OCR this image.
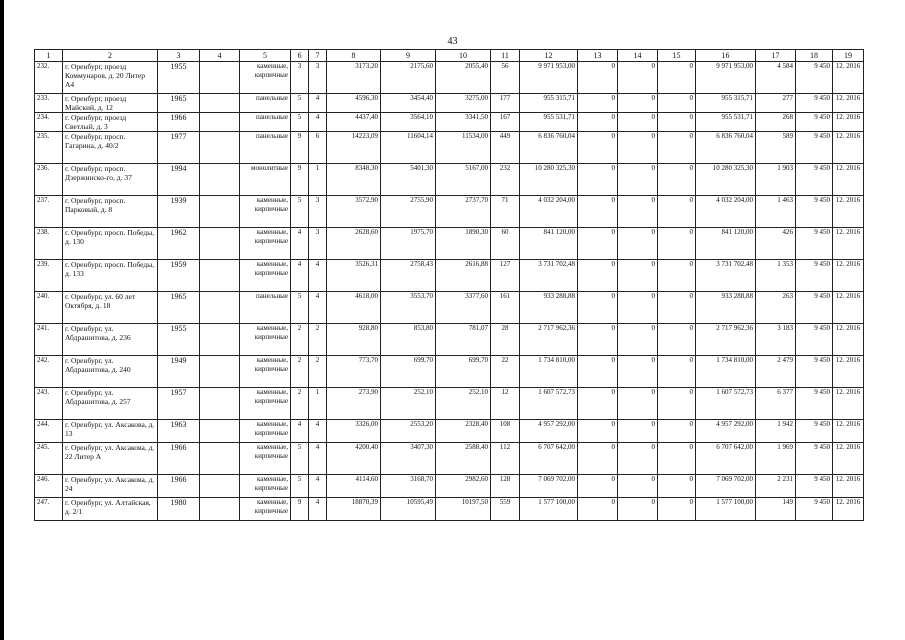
43
1	2	3	4	5	6	7	8	9	10	11	12	13	14	15	16	17	18	19
232.	г. Оренбург, проезд Коммунаров, д. 20 Литер А4	1955		каменные, кирпичные	3	3	3173,20	2175,60	2055,40	56	9 971 953,00	0	0	0	9 971 953,00	4 584	9 450	12. 2016
233.	г. Оренбург, проезд Майский, д. 12	1965		панельные	5	4	4596,30	3454,40	3275,00	177	955 315,71	0	0	0	955 315,71	277	9 450	12. 2016
234.	г. Оренбург, проезд Светлый, д. 3	1966		панельные	5	4	4437,40	3564,10	3341,50	167	955 531,71	0	0	0	955 531,71	268	9 450	12. 2016
235.	г. Оренбург, просп. Гагарина, д. 40/2	1977		панельные	9	6	14223,09	11604,14	11534,00	449	6 836 760,04	0	0	0	6 836 760,04	589	9 450	12. 2016
236.	г. Оренбург, просп. Дзержинско-го, д. 37	1994		монолитные	9	1	8348,30	5401,30	5167,00	232	10 280 325,30	0	0	0	10 280 325,30	1 903	9 450	12. 2016
237.	г. Оренбург, просп. Парковый, д. 8	1939		каменные, кирпичные	5	3	3572,90	2755,90	2737,70	71	4 032 204,00	0	0	0	4 032 204,00	1 463	9 450	12. 2016
238.	г. Оренбург, просп. Победы, д. 130	1962		каменные, кирпичные	4	3	2628,60	1975,70	1890,30	60	841 120,00	0	0	0	841 120,00	426	9 450	12. 2016
239.	г. Оренбург, просп. Победы, д. 133	1959		каменные, кирпичные	4	4	3526,31	2758,43	2616,88	127	3 731 702,48	0	0	0	3 731 702,48	1 353	9 450	12. 2016
240.	г. Оренбург, ул. 60 лет Октября, д. 18	1965		панельные	5	4	4618,00	3553,70	3377,60	161	933 288,88	0	0	0	933 288,88	263	9 450	12. 2016
241.	г. Оренбург, ул. Абдрашитова, д. 236	1955		каменные, кирпичные	2	2	928,80	853,80	781,07	28	2 717 962,36	0	0	0	2 717 962,36	3 183	9 450	12. 2016
242.	г. Оренбург, ул. Абдрашитова, д. 240	1949		каменные, кирпичные	2	2	773,70	699,70	699,70	22	1 734 810,00	0	0	0	1 734 810,00	2 479	9 450	12. 2016
243.	г. Оренбург, ул. Абдрашитова, д. 257	1957		каменные, кирпичные	2	1	273,90	252,10	252,10	12	1 607 572,73	0	0	0	1 607 572,73	6 377	9 450	12. 2016
244.	г. Оренбург, ул. Аксакова, д. 13	1963		каменные, кирпичные	4	4	3326,00	2553,20	2328,40	108	4 957 292,00	0	0	0	4 957 292,00	1 942	9 450	12. 2016
245.	г. Оренбург, ул. Аксакова, д. 22 Литер А	1966		каменные, кирпичные	5	4	4200,40	3407,30	2588,40	112	6 707 642,00	0	0	0	6 707 642,00	1 969	9 450	12. 2016
246.	г. Оренбург, ул. Аксакова, д. 24	1966		каменные, кирпичные	5	4	4114,60	3168,70	2982,60	128	7 069 702,00	0	0	0	7 069 702,00	2 231	9 450	12. 2016
247.	г. Оренбург, ул. Алтайская, д. 2/1	1980		каменные, кирпичные	9	4	18870,39	10595,49	10197,50	559	1 577 100,00	0	0	0	1 577 100,00	149	9 450	12. 2016
